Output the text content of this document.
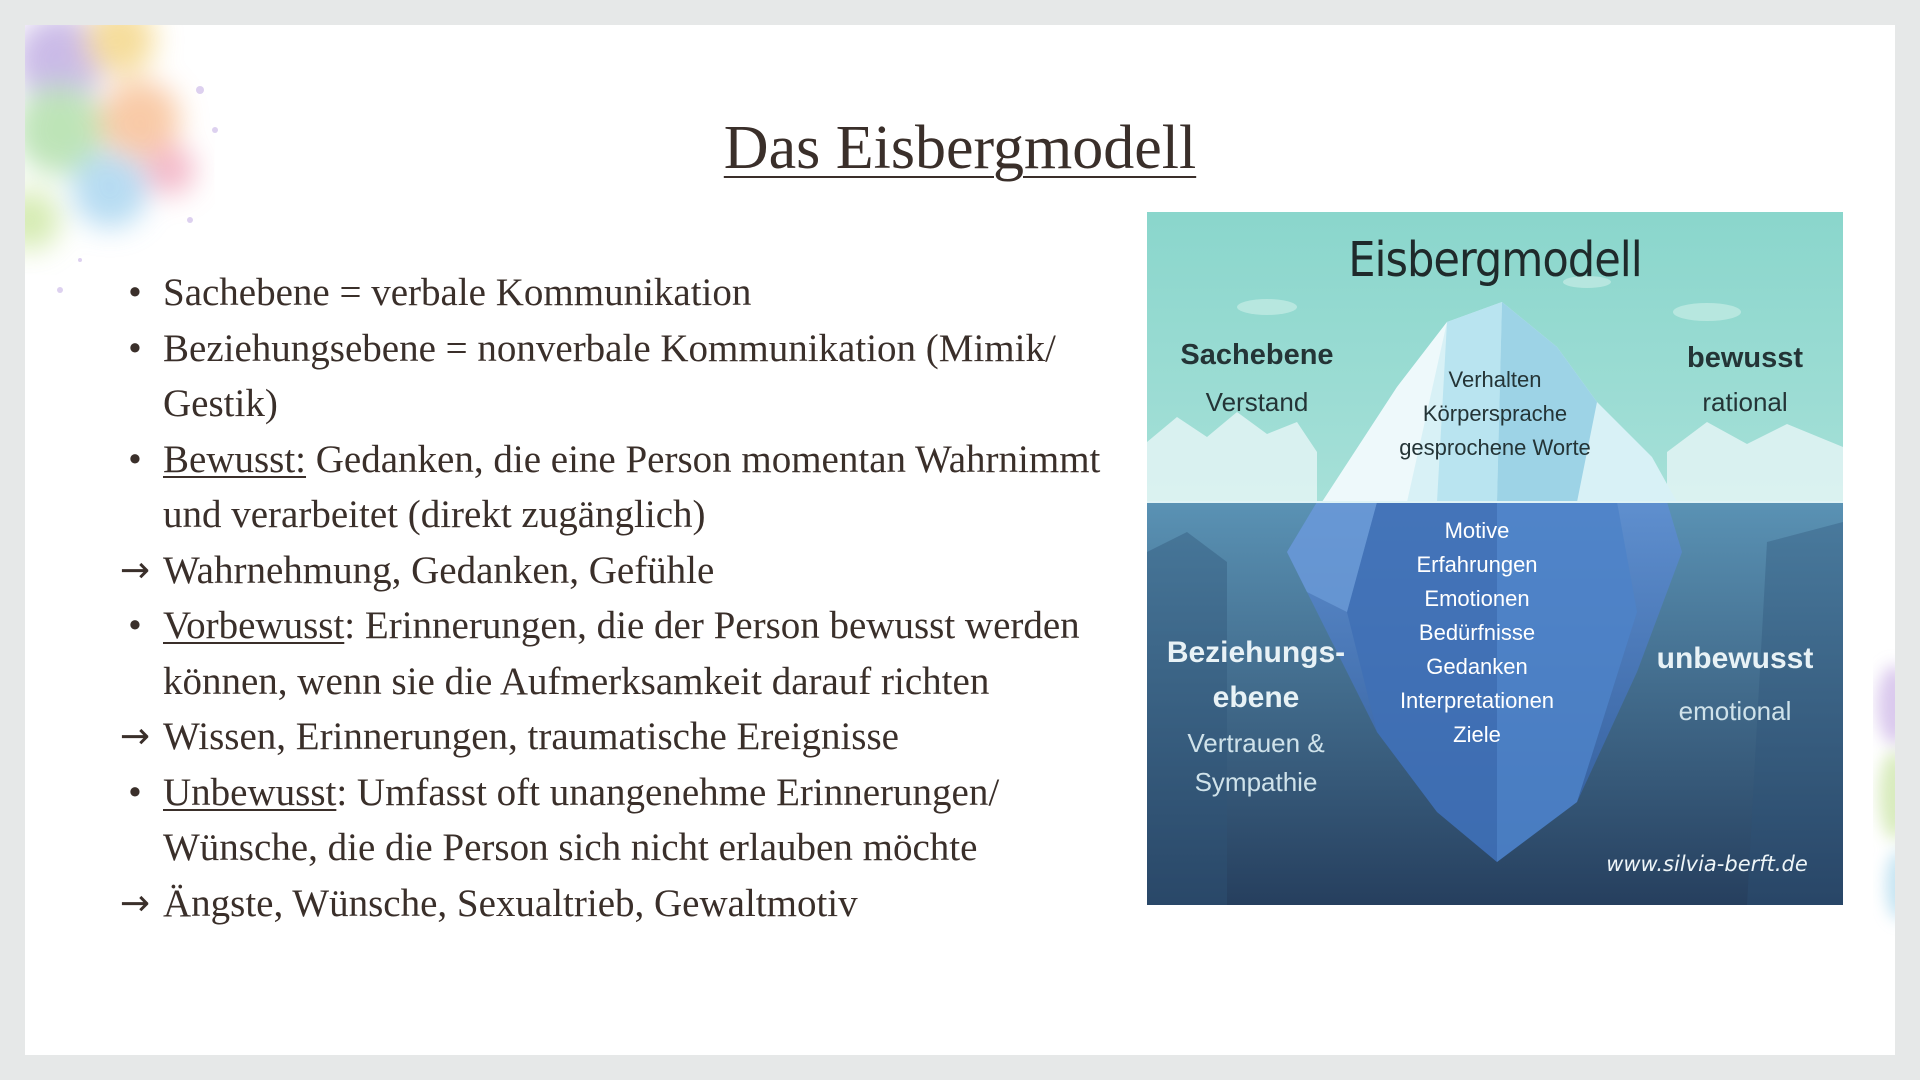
Das Eisbergmodell
• Sachebene = verbale Kommunikation
• Beziehungsebene = nonverbale Kommunikation (Mimik/ Gestik)
• Bewusst: Gedanken, die eine Person momentan Wahrnimmt und verarbeitet (direkt zugänglich)
→ Wahrnehmung, Gedanken, Gefühle
• Vorbewusst: Erinnerungen, die der Person bewusst werden können, wenn sie die Aufmerksamkeit darauf richten
→ Wissen, Erinnerungen, traumatische Ereignisse
• Unbewusst: Umfasst oft unangenehme Erinnerungen/ Wünsche, die die Person sich nicht erlauben möchte
→ Ängste, Wünsche, Sexualtrieb, Gewaltmotiv
Eisbergmodell
Sachebene
Verstand
bewusst
rational
Verhalten
Körpersprache
gesprochene Worte
Motive
Erfahrungen
Emotionen
Bedürfnisse
Gedanken
Interpretationen
Ziele
Beziehungs-
ebene
Vertrauen &
Sympathie
unbewusst
emotional
www.silvia-berft.de
